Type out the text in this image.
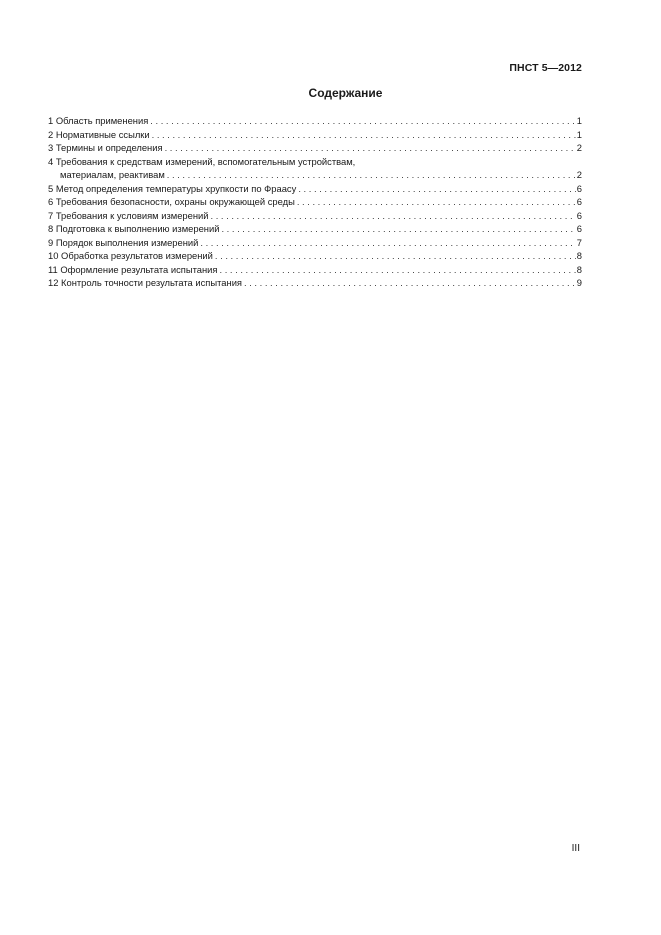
ПНСТ 5—2012
Содержание
1 Область применения . . .	1
2 Нормативные ссылки . . .	1
3 Термины и определения . . .	2
4 Требования к средствам измерений, вспомогательным устройствам,
материалам, реактивам . . .	2
5 Метод определения температуры хрупкости по Фраасу . . .	6
6 Требования безопасности, охраны окружающей среды . . .	6
7 Требования к условиям измерений . . .	6
8 Подготовка к выполнению измерений . . .	6
9 Порядок выполнения измерений . . .	7
10 Обработка результатов измерений . . .	8
11 Оформление результата испытания . . .	8
12 Контроль точности результата испытания . . .	9
III
